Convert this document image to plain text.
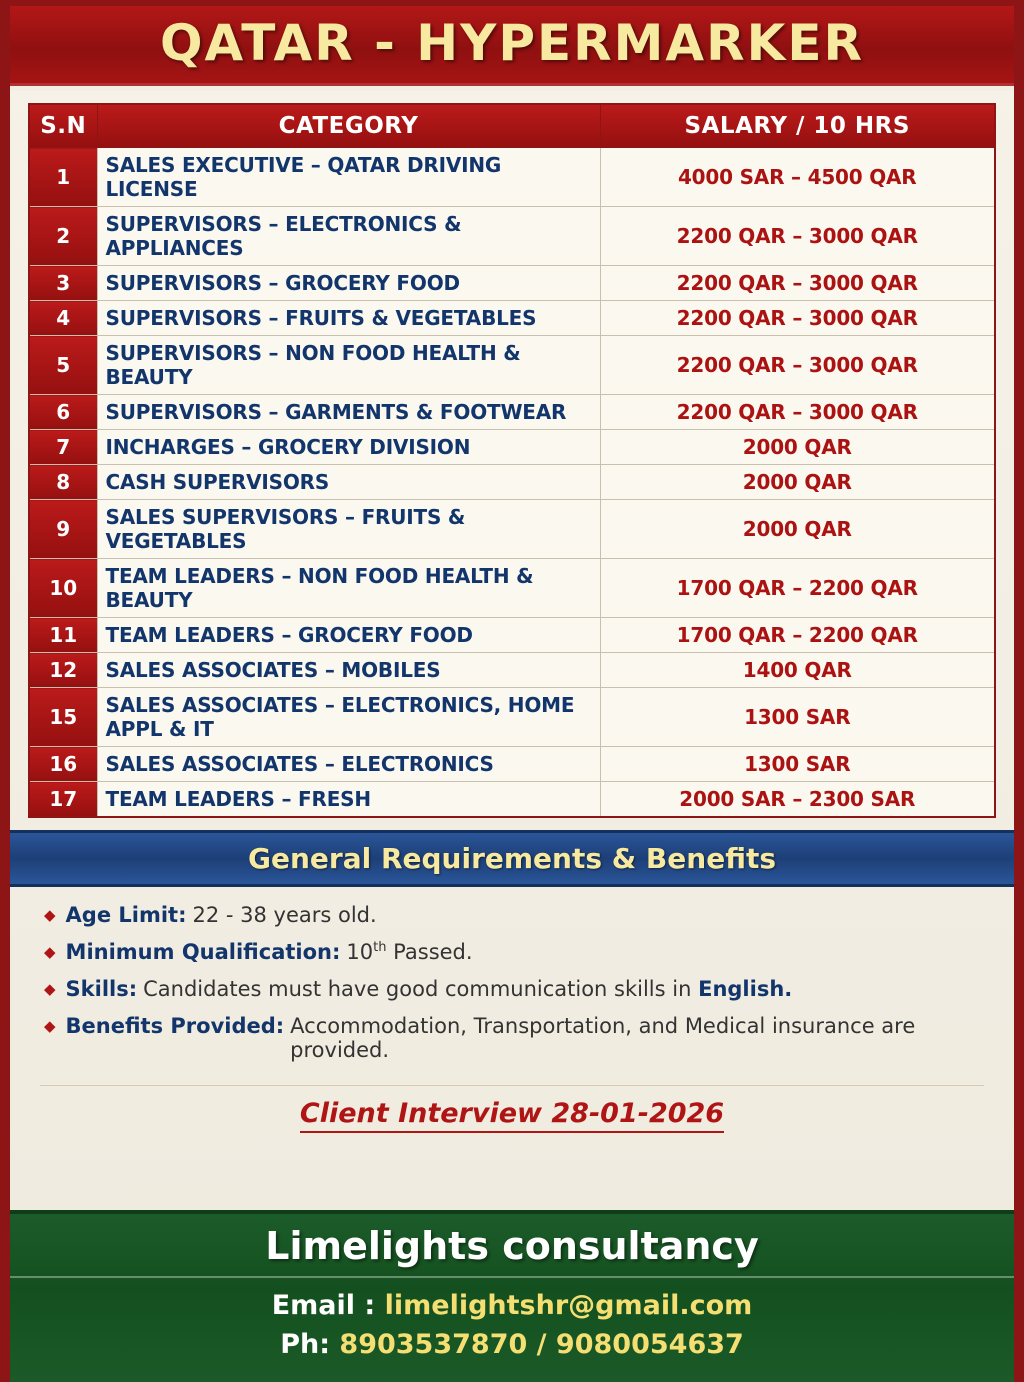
QATAR - HYPERMARKER
S.N	CATEGORY	SALARY / 10 HRS
1	SALES EXECUTIVE – QATAR DRIVING LICENSE	4000 SAR – 4500 QAR
2	SUPERVISORS – ELECTRONICS & APPLIANCES	2200 QAR – 3000 QAR
3	SUPERVISORS – GROCERY FOOD	2200 QAR – 3000 QAR
4	SUPERVISORS – FRUITS & VEGETABLES	2200 QAR – 3000 QAR
5	SUPERVISORS – NON FOOD HEALTH & BEAUTY	2200 QAR – 3000 QAR
6	SUPERVISORS – GARMENTS & FOOTWEAR	2200 QAR – 3000 QAR
7	INCHARGES – GROCERY DIVISION	2000 QAR
8	CASH SUPERVISORS	2000 QAR
9	SALES SUPERVISORS – FRUITS & VEGETABLES	2000 QAR
10	TEAM LEADERS – NON FOOD HEALTH & BEAUTY	1700 QAR – 2200 QAR
11	TEAM LEADERS – GROCERY FOOD	1700 QAR – 2200 QAR
12	SALES ASSOCIATES – MOBILES	1400 QAR
15	SALES ASSOCIATES – ELECTRONICS, HOME APPL & IT	1300 SAR
16	SALES ASSOCIATES – ELECTRONICS	1300 SAR
17	TEAM LEADERS – FRESH	2000 SAR – 2300 SAR
General Requirements & Benefits
◆ Age Limit: 22 - 38 years old.
◆ Minimum Qualification: 10th Passed.
◆ Skills: Candidates must have good communication skills in English.
◆ Benefits Provided: Accommodation, Transportation, and Medical insurance are provided.
Client Interview 28-01-2026
Limelights consultancy
Email : limelightshr@gmail.com
Ph: 8903537870 / 9080054637
